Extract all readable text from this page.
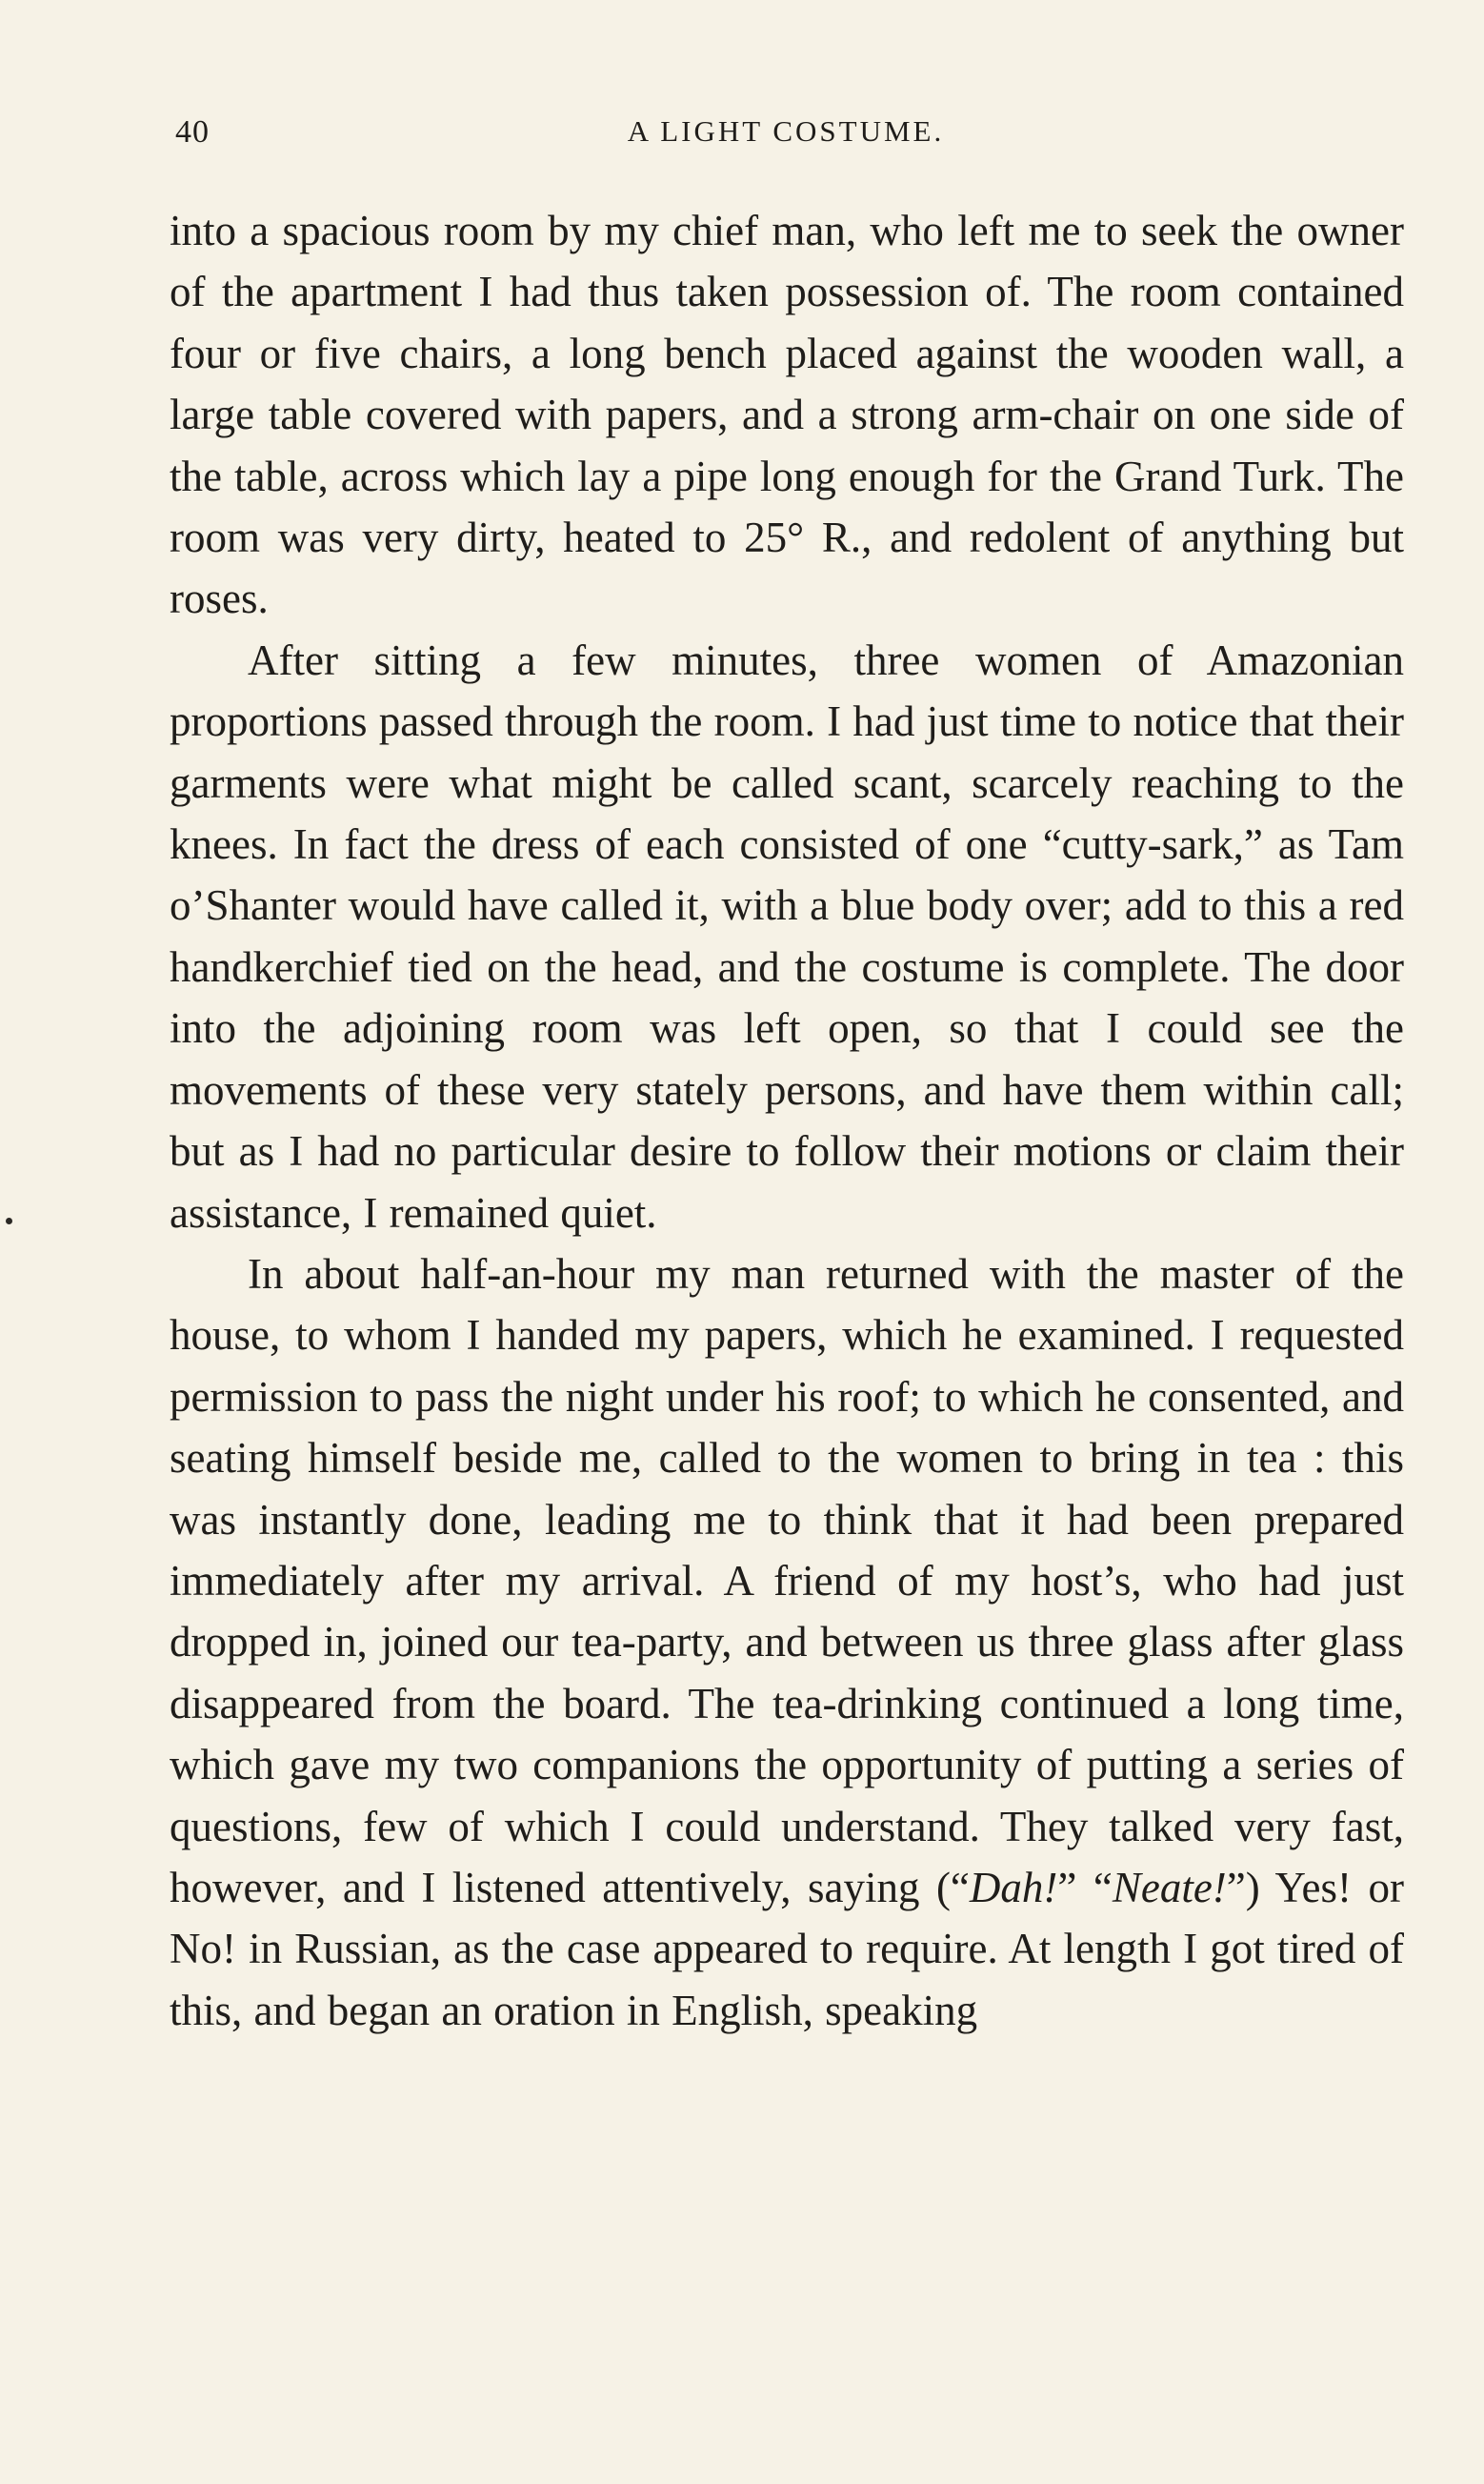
40	A LIGHT COSTUME.

into a spacious room by my chief man, who left me to seek the owner of the apartment I had thus taken possession of. The room contained four or five chairs, a long bench placed against the wooden wall, a large table covered with papers, and a strong arm-chair on one side of the table, across which lay a pipe long enough for the Grand Turk. The room was very dirty, heated to 25° R., and redolent of anything but roses.

After sitting a few minutes, three women of Amazonian proportions passed through the room. I had just time to notice that their garments were what might be called scant, scarcely reaching to the knees. In fact the dress of each consisted of one “cutty-sark,” as Tam o’Shanter would have called it, with a blue body over; add to this a red handkerchief tied on the head, and the costume is complete. The door into the adjoining room was left open, so that I could see the movements of these very stately persons, and have them within call; but as I had no particular desire to follow their motions or claim their assistance, I remained quiet.

In about half-an-hour my man returned with the master of the house, to whom I handed my papers, which he examined. I requested permission to pass the night under his roof; to which he consented, and seating himself beside me, called to the women to bring in tea : this was instantly done, leading me to think that it had been prepared immediately after my arrival. A friend of my host’s, who had just dropped in, joined our tea-party, and between us three glass after glass disappeared from the board. The tea-drinking continued a long time, which gave my two companions the opportunity of putting a series of questions, few of which I could understand. They talked very fast, however, and I listened attentively, saying (“Dah!” “Neate!”) Yes! or No! in Russian, as the case appeared to require. At length I got tired of this, and began an oration in English, speaking
